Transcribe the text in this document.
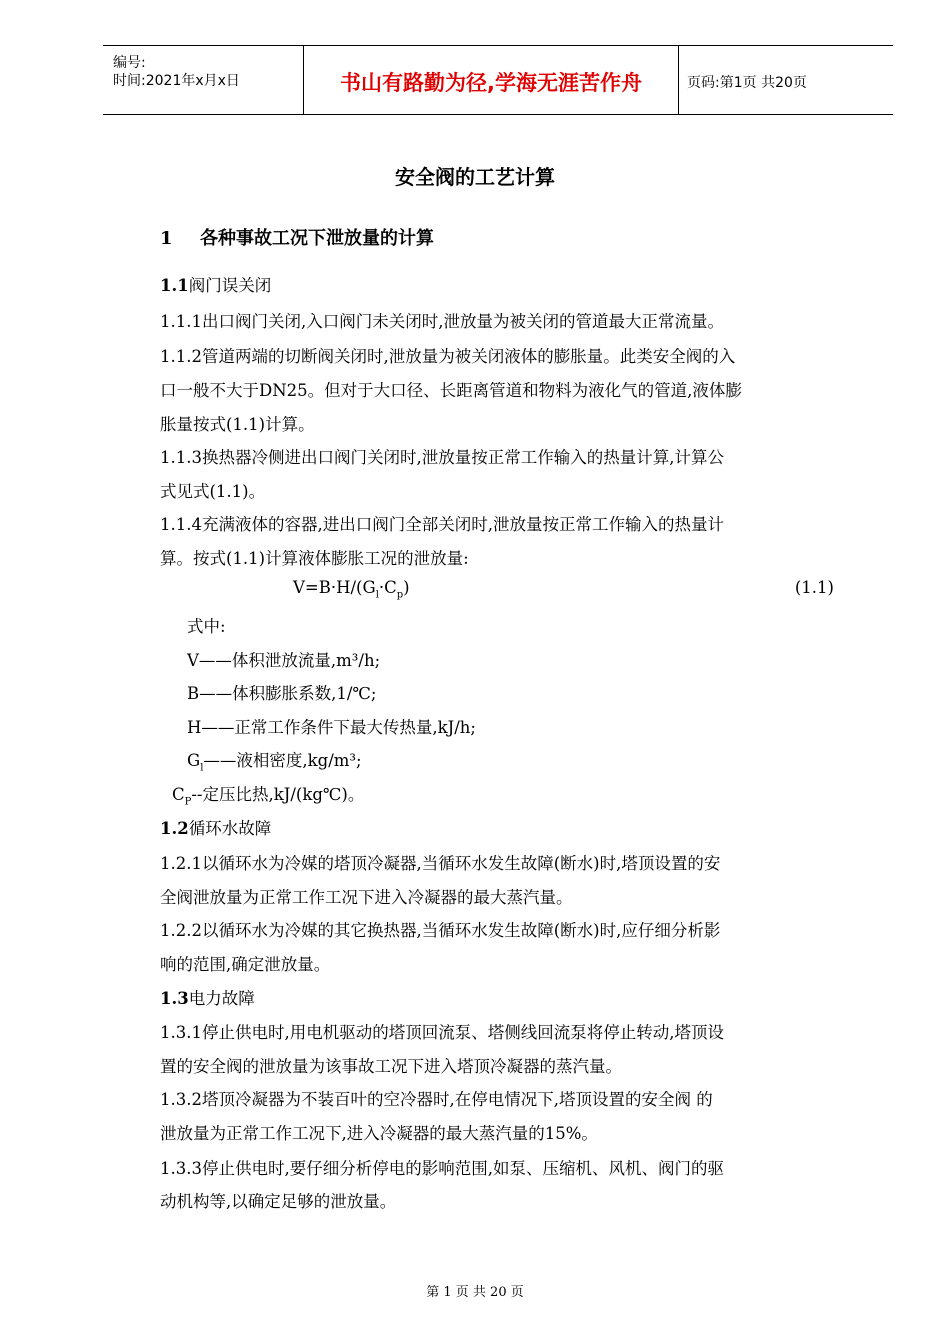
编号:
时间:2021年x月x日	书山有路勤为径,学海无涯苦作舟	页码:第1页 共20页
安全阀的工艺计算
1 各种事故工况下泄放量的计算
1.1阀门误关闭
1.1.1出口阀门关闭,入口阀门未关闭时,泄放量为被关闭的管道最大正常流量。
1.1.2管道两端的切断阀关闭时,泄放量为被关闭液体的膨胀量。此类安全阀的入
口一般不大于DN25。但对于大口径、长距离管道和物料为液化气的管道,液体膨
胀量按式(1.1)计算。
1.1.3换热器冷侧进出口阀门关闭时,泄放量按正常工作输入的热量计算,计算公
式见式(1.1)。
1.1.4充满液体的容器,进出口阀门全部关闭时,泄放量按正常工作输入的热量计
算。按式(1.1)计算液体膨胀工况的泄放量:
$V=B\cdot H/(G_l\cdot C_p)$	(1.1)
式中:
V——体积泄放流量,m³/h;
B——体积膨胀系数,1/℃;
H——正常工作条件下最大传热量,kJ/h;
$G_l——$液相密度,kg/m³;
$C_P--$定压比热,kJ/(kg℃)。
1.2循环水故障
1.2.1以循环水为冷媒的塔顶冷凝器,当循环水发生故障(断水)时,塔顶设置的安
全阀泄放量为正常工作工况下进入冷凝器的最大蒸汽量。
1.2.2以循环水为冷媒的其它换热器,当循环水发生故障(断水)时,应仔细分析影
响的范围,确定泄放量。
1.3电力故障
1.3.1停止供电时,用电机驱动的塔顶回流泵、塔侧线回流泵将停止转动,塔顶设
置的安全阀的泄放量为该事故工况下进入塔顶冷凝器的蒸汽量。
1.3.2塔顶冷凝器为不装百叶的空冷器时,在停电情况下,塔顶设置的安全阀 的
泄放量为正常工作工况下,进入冷凝器的最大蒸汽量的15%。
1.3.3停止供电时,要仔细分析停电的影响范围,如泵、压缩机、风机、阀门的驱
动机构等,以确定足够的泄放量。
第 1 页 共 20 页
